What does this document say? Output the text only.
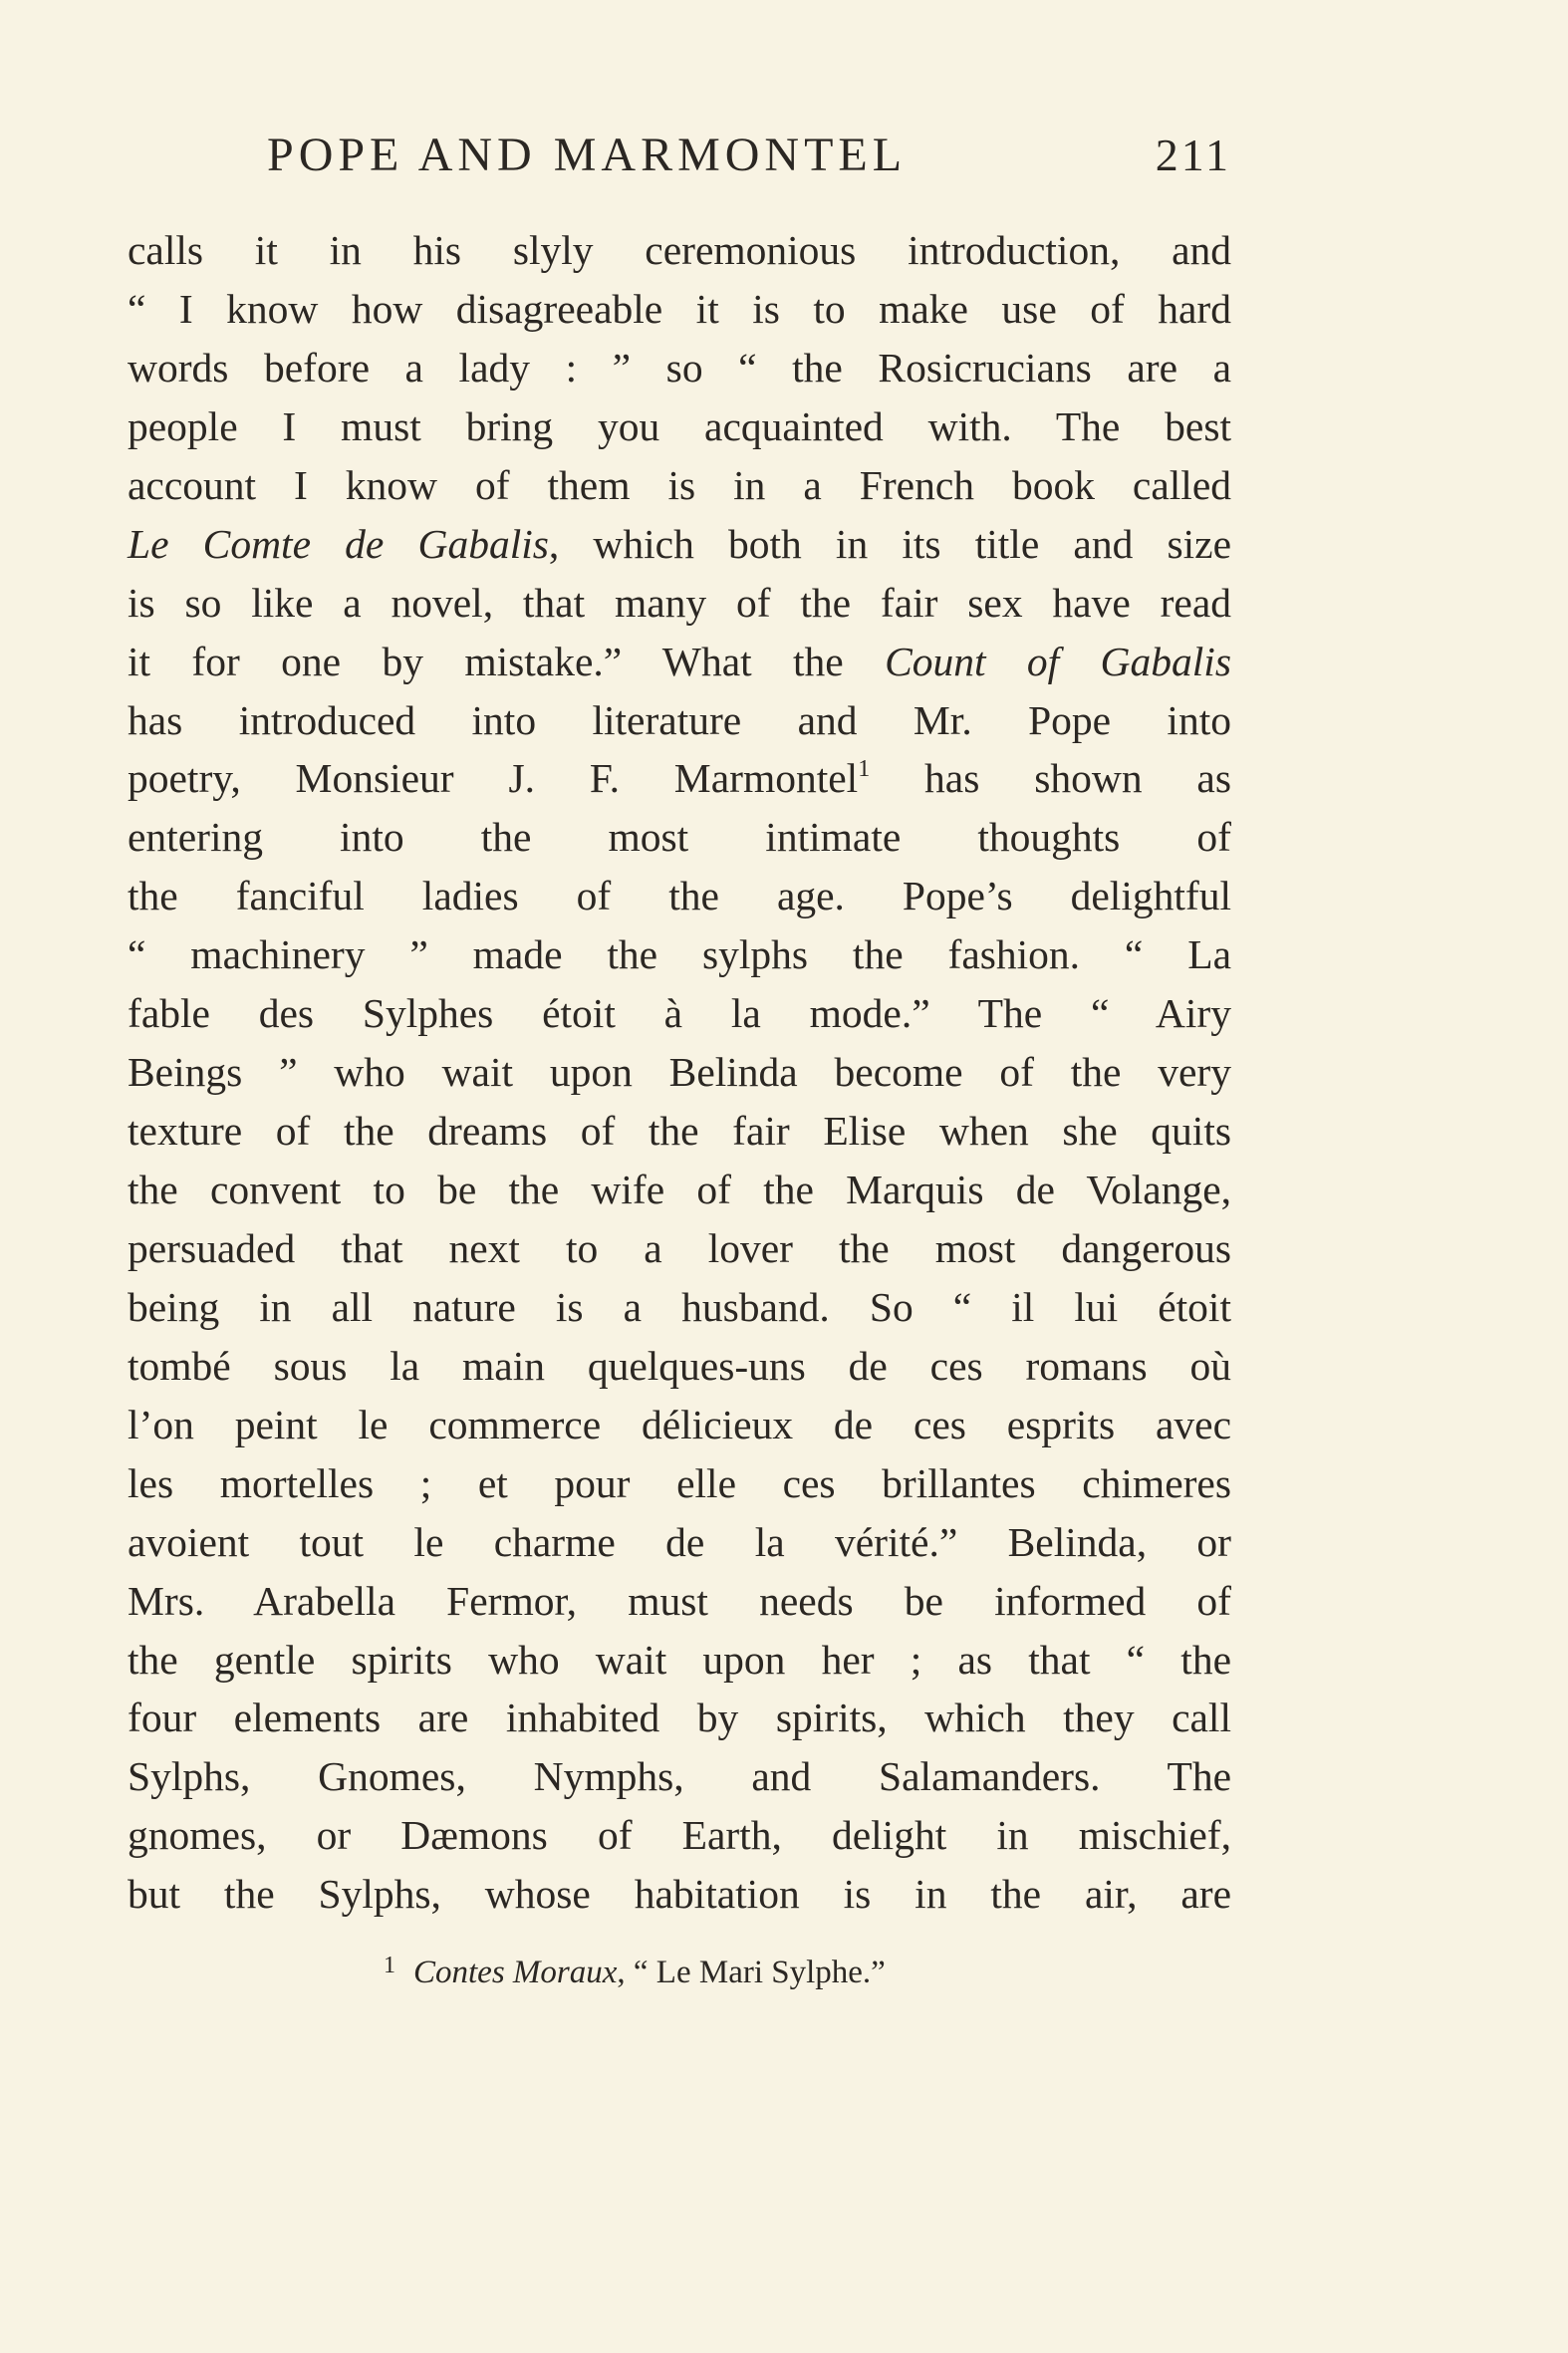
POPE AND MARMONTEL	211
calls it in his slyly ceremonious introduction, and
“ I know how disagreeable it is to make use of hard
words before a lady : ” so “ the Rosicrucians are a
people I must bring you acquainted with. The best
account I know of them is in a French book called
Le Comte de Gabalis, which both in its title and size
is so like a novel, that many of the fair sex have read
it for one by mistake.” What the Count of Gabalis
has introduced into literature and Mr. Pope into
poetry, Monsieur J. F. Marmontel$^1$ has shown as
entering into the most intimate thoughts of
the fanciful ladies of the age. Pope’s delightful
“ machinery ” made the sylphs the fashion. “ La
fable des Sylphes étoit à la mode.” The “ Airy
Beings ” who wait upon Belinda become of the very
texture of the dreams of the fair Elise when she quits
the convent to be the wife of the Marquis de Volange,
persuaded that next to a lover the most dangerous
being in all nature is a husband. So “ il lui étoit
tombé sous la main quelques-uns de ces romans où
l’on peint le commerce délicieux de ces esprits avec
les mortelles ; et pour elle ces brillantes chimeres
avoient tout le charme de la vérité.” Belinda, or
Mrs. Arabella Fermor, must needs be informed of
the gentle spirits who wait upon her ; as that “ the
four elements are inhabited by spirits, which they call
Sylphs, Gnomes, Nymphs, and Salamanders. The
gnomes, or Dæmons of Earth, delight in mischief,
but the Sylphs, whose habitation is in the air, are
$^1$ Contes Moraux, “ Le Mari Sylphe.”
